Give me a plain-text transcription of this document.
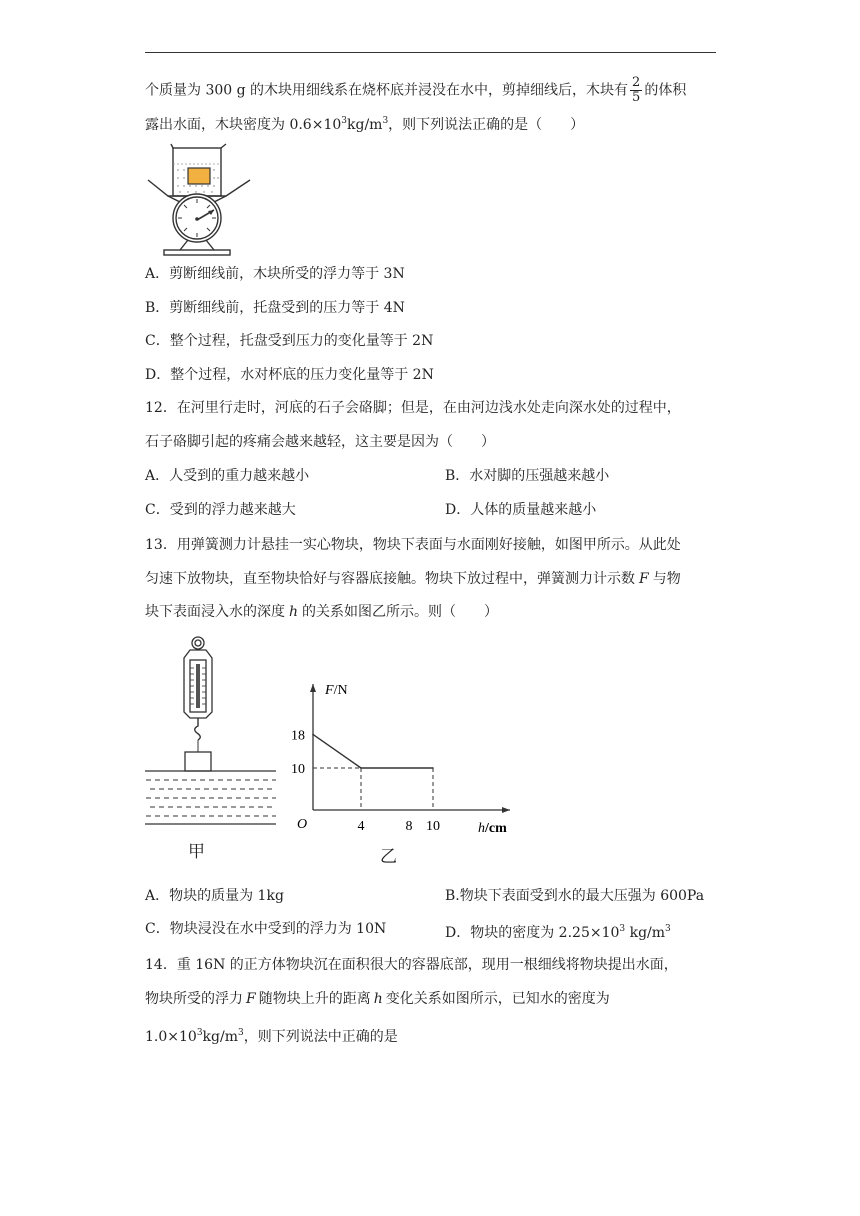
个质量为 300 g 的木块用细线系在烧杯底并浸没在水中，剪掉细线后，木块有 $\frac{2}{5}$ 的体积
露出水面，木块密度为 $0.6\times 10^3kg/m^3$，则下列说法正确的是（　　）
A．剪断细线前，木块所受的浮力等于 3N
B．剪断细线前，托盘受到的压力等于 4N
C．整个过程，托盘受到压力的变化量等于 2N
D．整个过程，水对杯底的压力变化量等于 2N
12．在河里行走时，河底的石子会硌脚；但是，在由河边浅水处走向深水处的过程中，
石子硌脚引起的疼痛会越来越轻，这主要是因为（　　）
A．人受到的重力越来越小	B．水对脚的压强越来越小
C．受到的浮力越来越大	D．人体的质量越来越小
13．用弹簧测力计悬挂一实心物块，物块下表面与水面刚好接触，如图甲所示。从此处
匀速下放物块，直至物块恰好与容器底接触。物块下放过程中，弹簧测力计示数 F 与物
块下表面浸入水的深度 h 的关系如图乙所示。则（　　）
甲
F/N
h/cm
O	4	8 10
18
10
乙
A．物块的质量为 1kg	B.物块下表面受到水的最大压强为 600Pa
C．物块浸没在水中受到的浮力为 10N	D．物块的密度为 $2.25\times 10^3$ $kg/m^3$
14．重 16N 的正方体物块沉在面积很大的容器底部，现用一根细线将物块提出水面，
物块所受的浮力 F 随物块上升的距离 h 变化关系如图所示，已知水的密度为
$1.0\times 10^3kg/m^3$，则下列说法中正确的是
